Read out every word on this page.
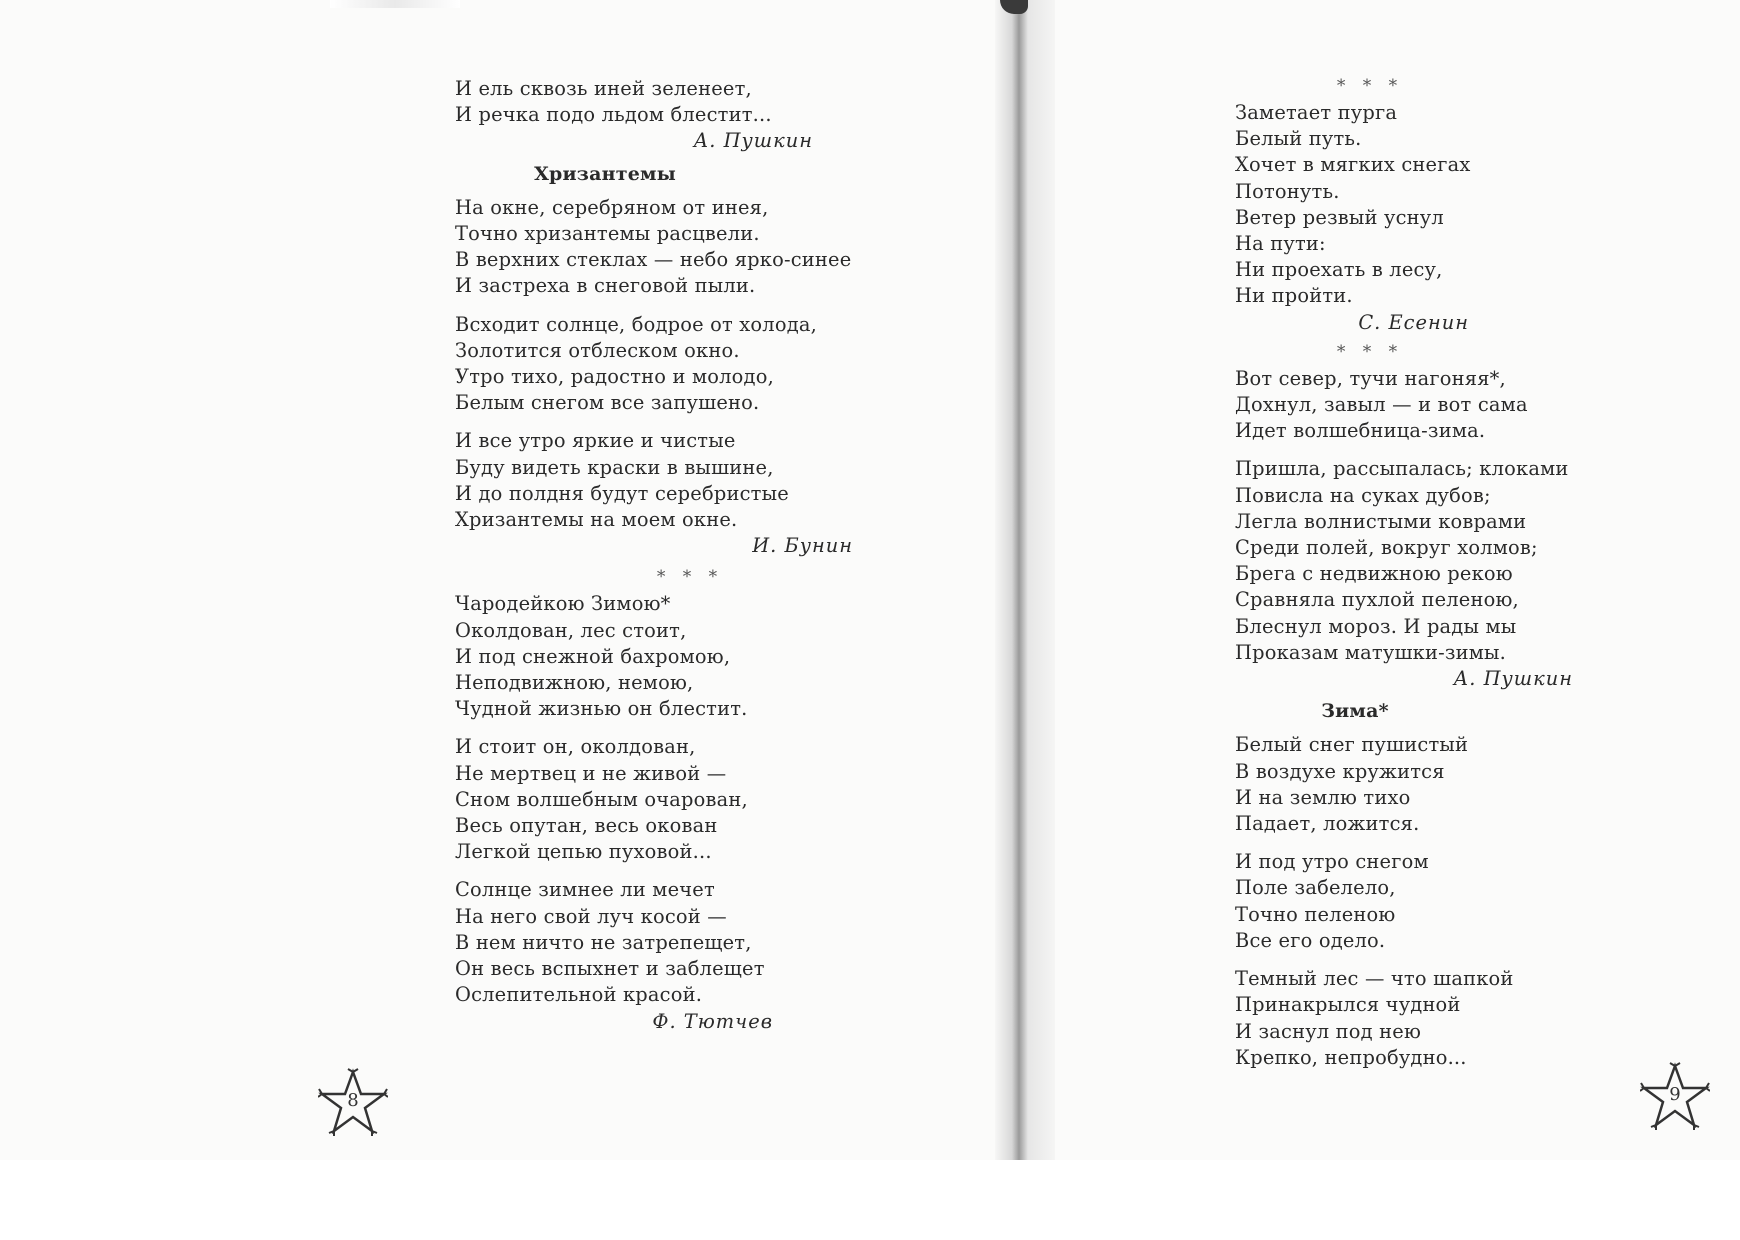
И ель сквозь иней зеленеет,
И речка подо льдом блестит...
А. Пушкин
Хризантемы
На окне, серебряном от инея,
Точно хризантемы расцвели.
В верхних стеклах — небо ярко-синее
И застреха в снеговой пыли.
Всходит солнце, бодрое от холода,
Золотится отблеском окно.
Утро тихо, радостно и молодо,
Белым снегом все запушено.
И все утро яркие и чистые
Буду видеть краски в вышине,
И до полдня будут серебристые
Хризантемы на моем окне.
И. Бунин
* * *
Чародейкою Зимою*
Околдован, лес стоит,
И под снежной бахромою,
Неподвижною, немою,
Чудной жизнью он блестит.
И стоит он, околдован,
Не мертвец и не живой —
Сном волшебным очарован,
Весь опутан, весь окован
Легкой цепью пуховой...
Солнце зимнее ли мечет
На него свой луч косой —
В нем ничто не затрепещет,
Он весь вспыхнет и заблещет
Ослепительной красой.
Ф. Тютчев
* * *
Заметает пурга
Белый путь.
Хочет в мягких снегах
Потонуть.
Ветер резвый уснул
На пути:
Ни проехать в лесу,
Ни пройти.
С. Есенин
* * *
Вот север, тучи нагоняя*,
Дохнул, завыл — и вот сама
Идет волшебница-зима.
Пришла, рассыпалась; клоками
Повисла на суках дубов;
Легла волнистыми коврами
Среди полей, вокруг холмов;
Брега с недвижною рекою
Сравняла пухлой пеленою,
Блеснул мороз. И рады мы
Проказам матушки-зимы.
А. Пушкин
Зима*
Белый снег пушистый
В воздухе кружится
И на землю тихо
Падает, ложится.
И под утро снегом
Поле забелело,
Точно пеленою
Все его одело.
Темный лес — что шапкой
Принакрылся чудной
И заснул под нею
Крепко, непробудно...
8	9
